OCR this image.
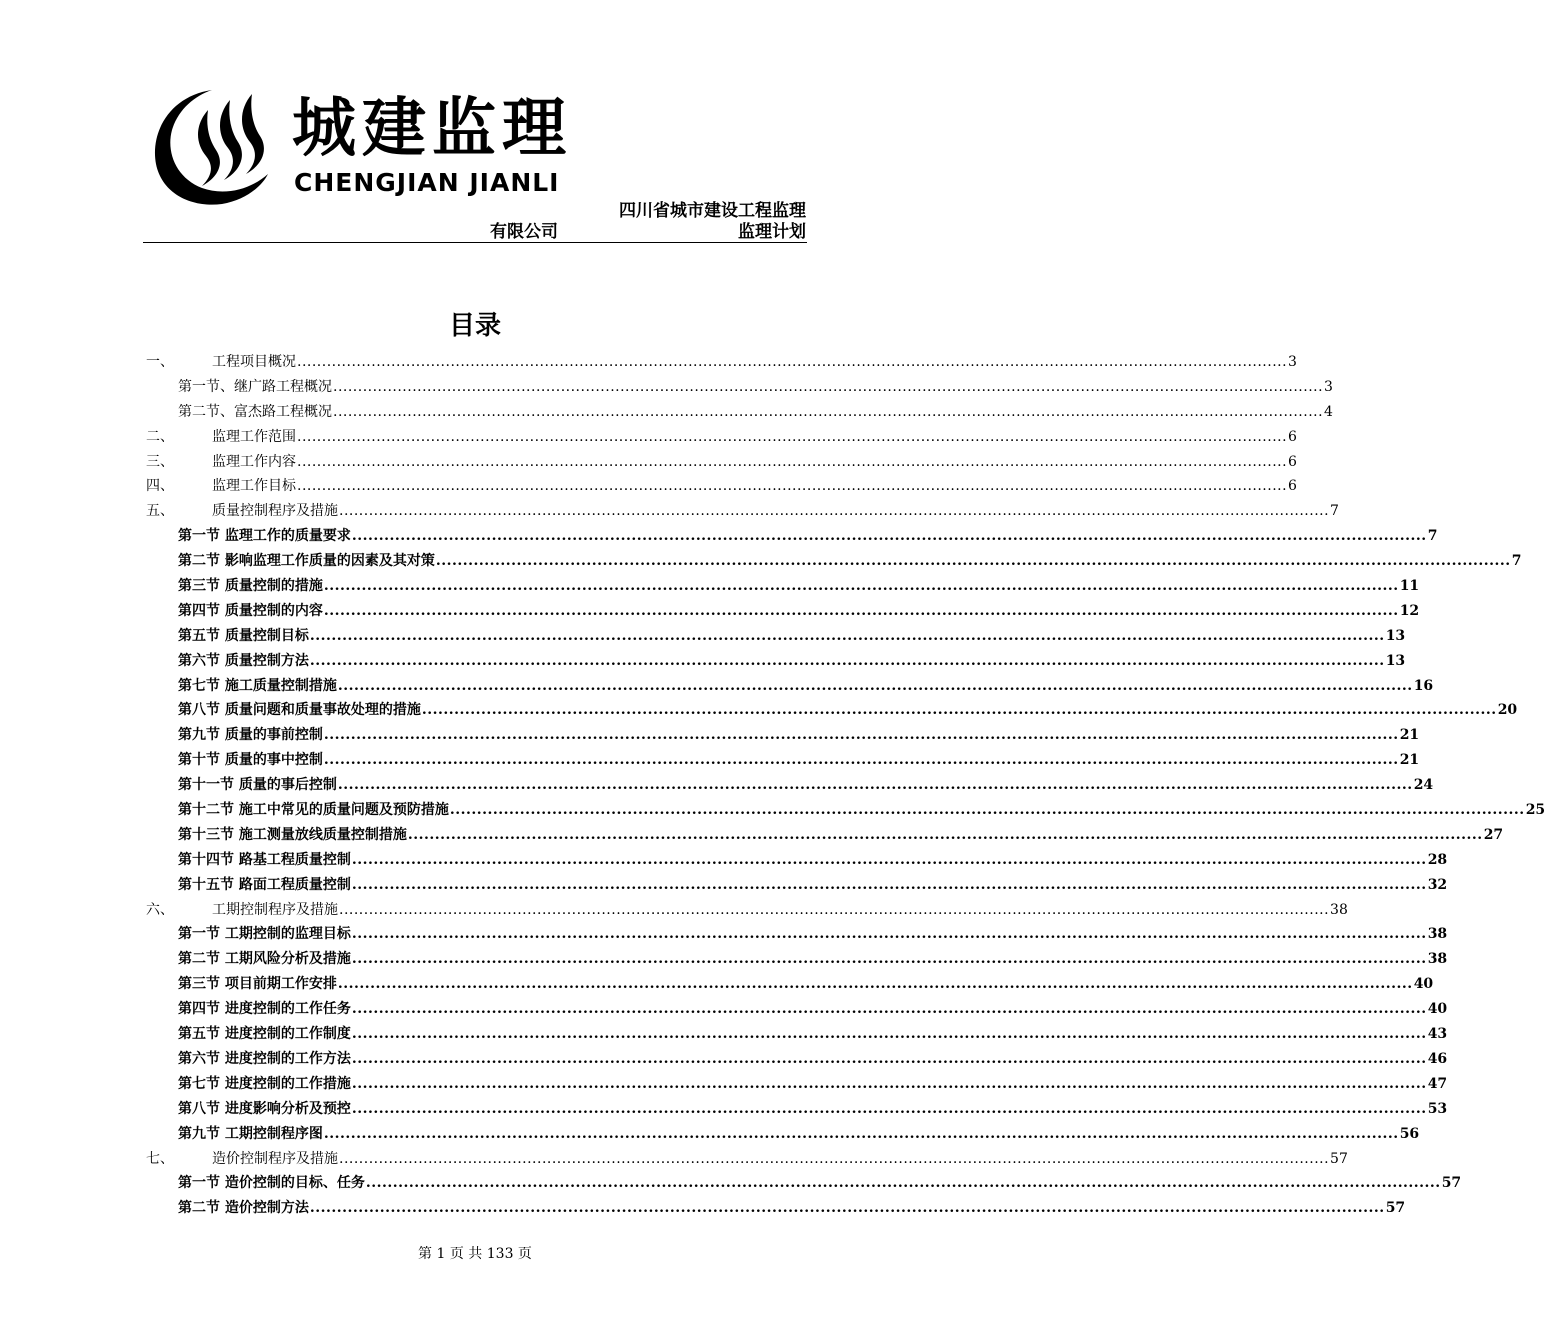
城建监理
CHENGJIAN JIANLI
四川省城市建设工程监理
有限公司	监理计划
目录
一、	工程项目概况 ........................................................................................................................................................................................................ 3
第一节、继广路工程概况 ........................................................................................................................................................................................................ 3
第二节、富杰路工程概况 ........................................................................................................................................................................................................ 4
二、	监理工作范围 ........................................................................................................................................................................................................ 6
三、	监理工作内容 ........................................................................................................................................................................................................ 6
四、	监理工作目标 ........................................................................................................................................................................................................ 6
五、	质量控制程序及措施 ........................................................................................................................................................................................................ 7
第一节 监理工作的质量要求 ........................................................................................................................................................................................................ 7
第二节 影响监理工作质量的因素及其对策 ........................................................................................................................................................................................................ 7
第三节 质量控制的措施 ........................................................................................................................................................................................................ 11
第四节 质量控制的内容 ........................................................................................................................................................................................................ 12
第五节 质量控制目标 ........................................................................................................................................................................................................ 13
第六节 质量控制方法 ........................................................................................................................................................................................................ 13
第七节 施工质量控制措施 ........................................................................................................................................................................................................ 16
第八节 质量问题和质量事故处理的措施 ........................................................................................................................................................................................................ 20
第九节 质量的事前控制 ........................................................................................................................................................................................................ 21
第十节 质量的事中控制 ........................................................................................................................................................................................................ 21
第十一节 质量的事后控制 ........................................................................................................................................................................................................ 24
第十二节 施工中常见的质量问题及预防措施 ........................................................................................................................................................................................................ 25
第十三节 施工测量放线质量控制措施 ........................................................................................................................................................................................................ 27
第十四节 路基工程质量控制 ........................................................................................................................................................................................................ 28
第十五节 路面工程质量控制 ........................................................................................................................................................................................................ 32
六、	工期控制程序及措施 ........................................................................................................................................................................................................ 38
第一节 工期控制的监理目标 ........................................................................................................................................................................................................ 38
第二节 工期风险分析及措施 ........................................................................................................................................................................................................ 38
第三节 项目前期工作安排 ........................................................................................................................................................................................................ 40
第四节 进度控制的工作任务 ........................................................................................................................................................................................................ 40
第五节 进度控制的工作制度 ........................................................................................................................................................................................................ 43
第六节 进度控制的工作方法 ........................................................................................................................................................................................................ 46
第七节 进度控制的工作措施 ........................................................................................................................................................................................................ 47
第八节 进度影响分析及预控 ........................................................................................................................................................................................................ 53
第九节 工期控制程序图 ........................................................................................................................................................................................................ 56
七、	造价控制程序及措施 ........................................................................................................................................................................................................ 57
第一节 造价控制的目标、任务 ........................................................................................................................................................................................................ 57
第二节 造价控制方法 ........................................................................................................................................................................................................ 57
第 1 页 共 133 页
